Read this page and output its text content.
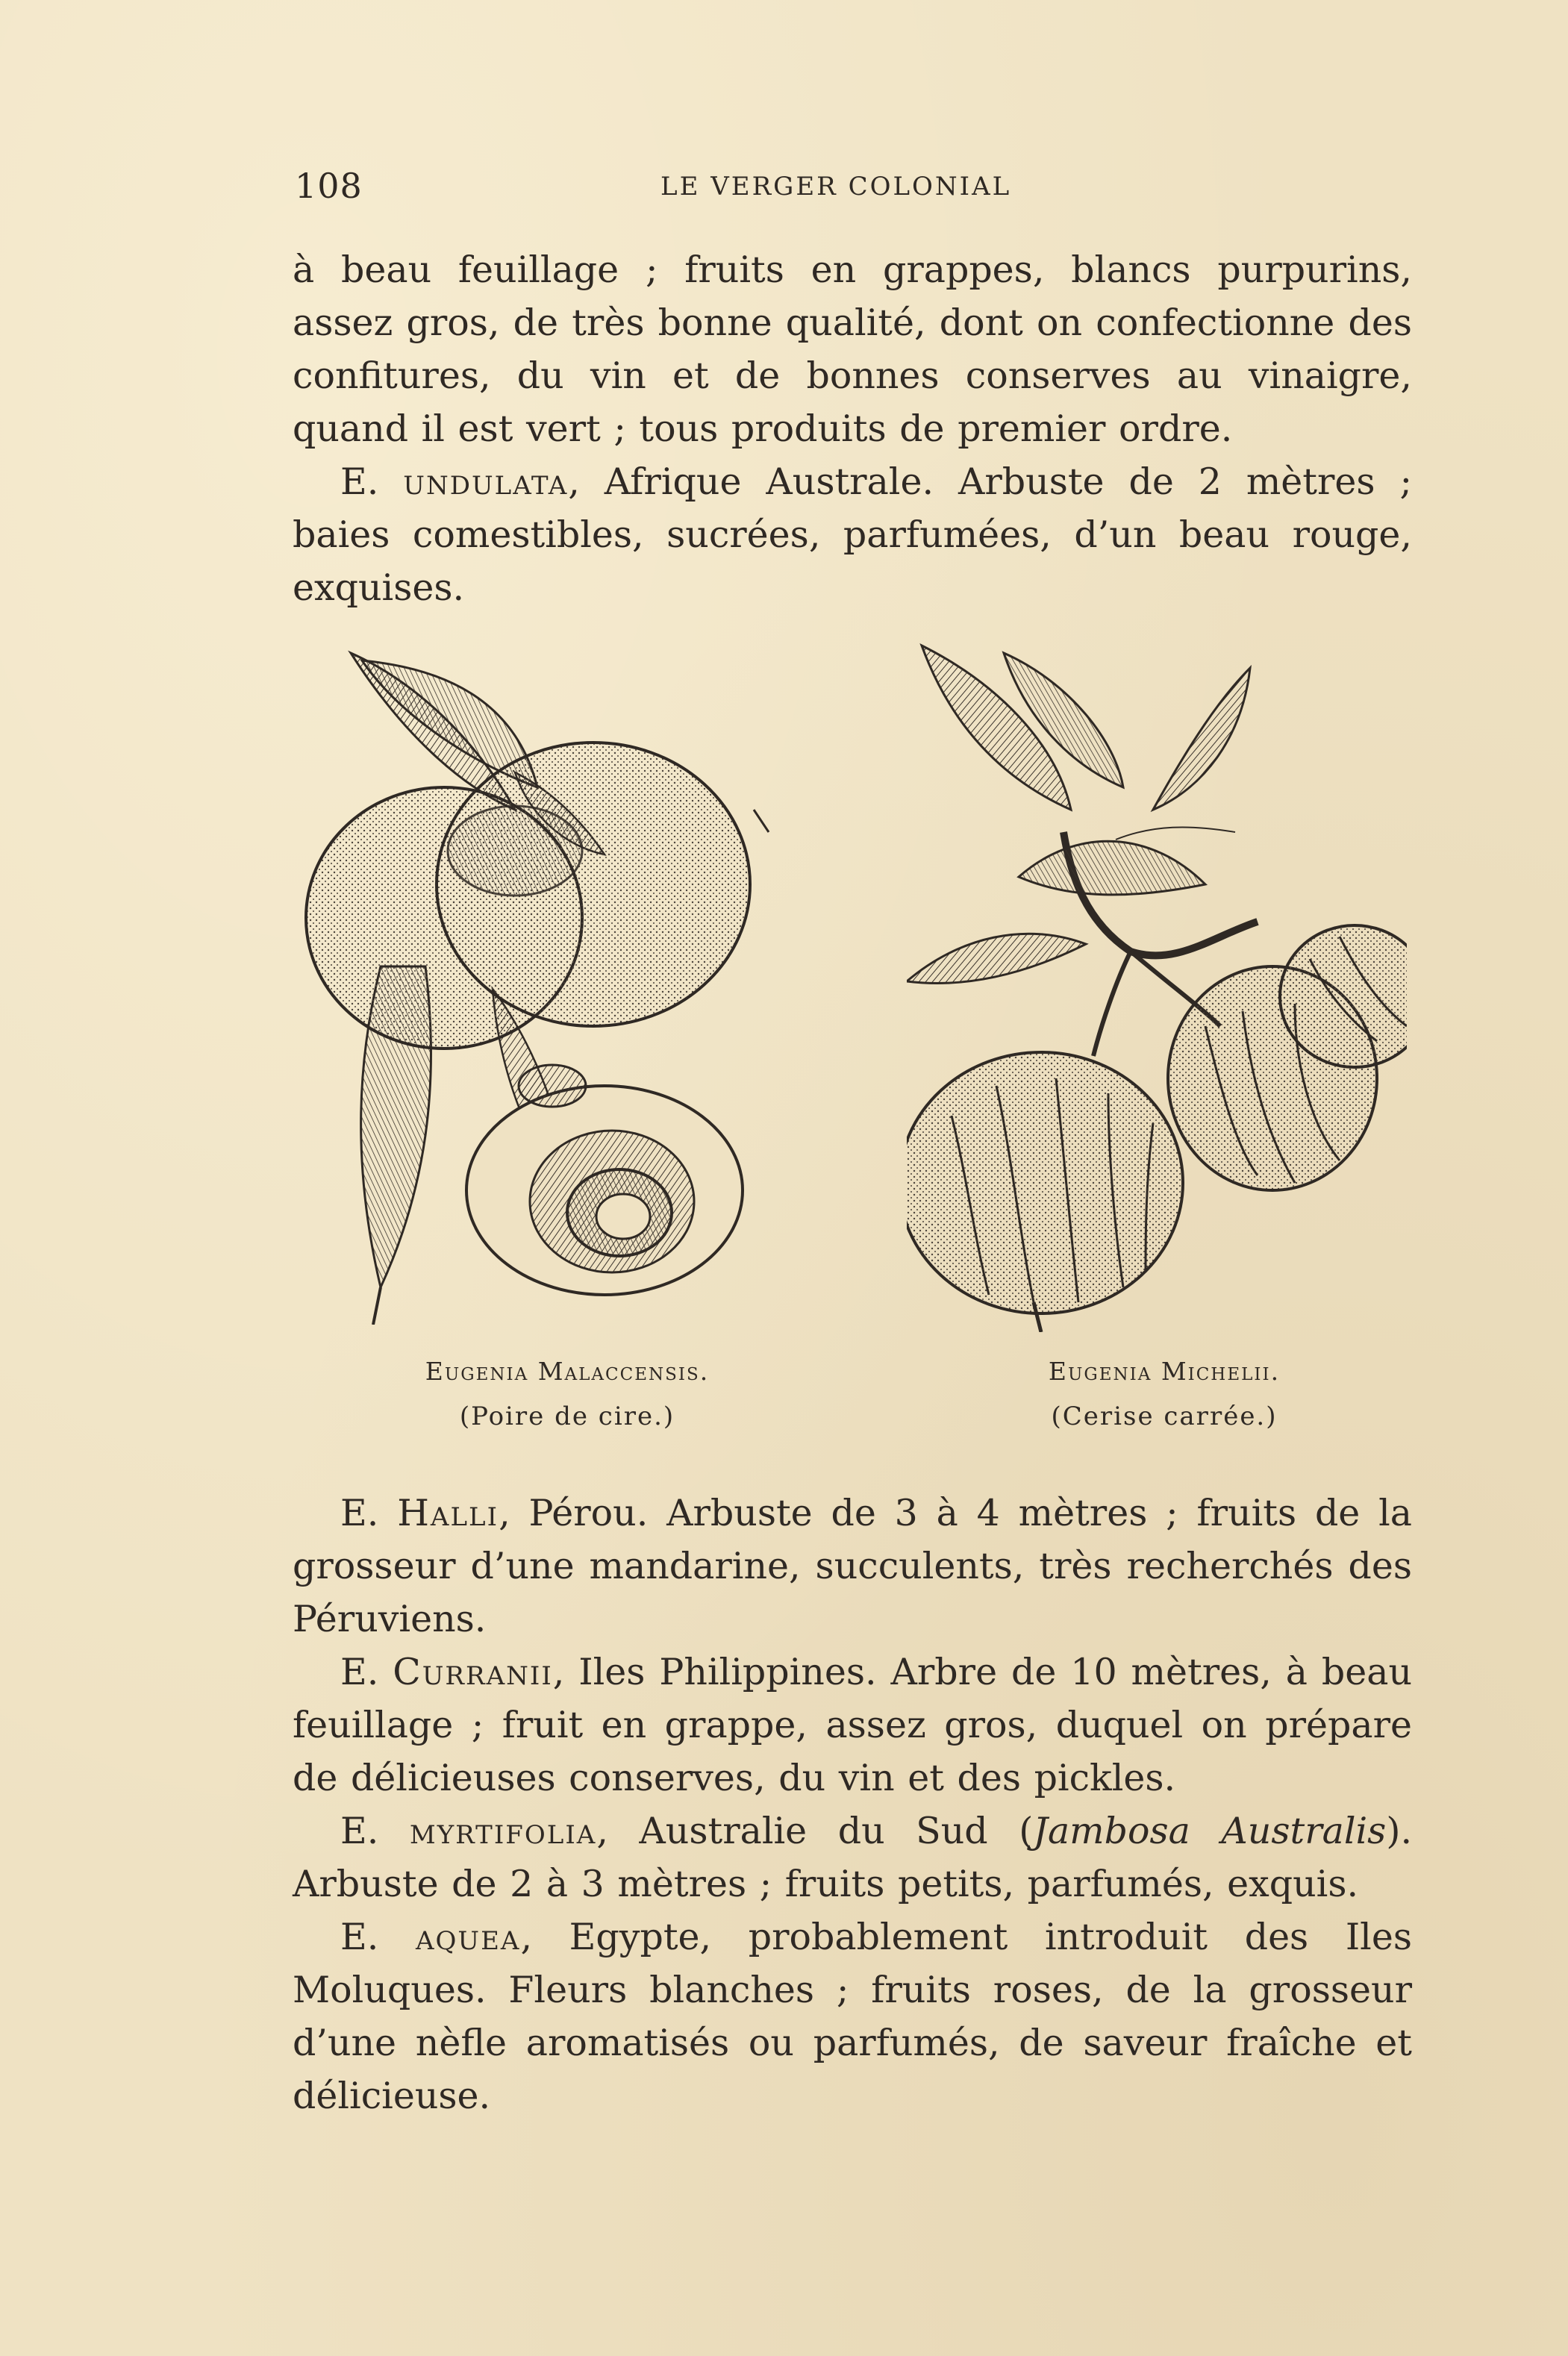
108	LE VERGER COLONIAL

à beau feuillage ; fruits en grappes, blancs purpurins, assez gros, de très bonne qualité, dont on confectionne des confitures, du vin et de bonnes conserves au vinaigre, quand il est vert ; tous produits de premier ordre.

E. undulata, Afrique Australe. Arbuste de 2 mètres ; baies comestibles, sucrées, parfumées, d’un beau rouge, exquises.

Eugenia Malaccensis.
(Poire de cire.)
Eugenia Michelii.
(Cerise carrée.)

E. Halli, Pérou. Arbuste de 3 à 4 mètres ; fruits de la grosseur d’une mandarine, succulents, très recherchés des Péruviens.

E. Curranii, Iles Philippines. Arbre de 10 mètres, à beau feuillage ; fruit en grappe, assez gros, duquel on prépare de délicieuses conserves, du vin et des pickles.

E. myrtifolia, Australie du Sud (Jambosa Australis). Arbuste de 2 à 3 mètres ; fruits petits, parfumés, exquis.

E. aquea, Egypte, probablement introduit des Iles Moluques. Fleurs blanches ; fruits roses, de la grosseur d’une nèfle aromatisés ou parfumés, de saveur fraîche et délicieuse.
